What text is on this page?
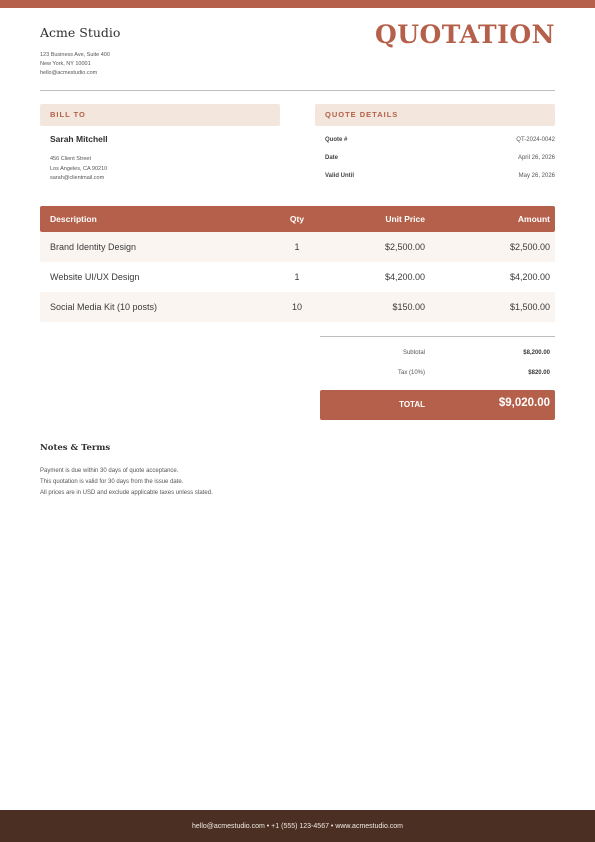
Acme Studio
123 Business Ave, Suite 400
New York, NY 10001
hello@acmestudio.com
QUOTATION
BILL TO	QUOTE DETAILS
Sarah Mitchell
456 Client Street
Los Angeles, CA 90210
sarah@clientmail.com
Quote #	QT-2024-0042
Date	April 26, 2026
Valid Until	May 26, 2026
Description	Qty	Unit Price	Amount
Brand Identity Design	1	$2,500.00	$2,500.00
Website UI/UX Design	1	$4,200.00	$4,200.00
Social Media Kit (10 posts)	10	$150.00	$1,500.00
Subtotal	$8,200.00
Tax (10%)	$820.00
TOTAL	$9,020.00
Notes & Terms
Payment is due within 30 days of quote acceptance.
This quotation is valid for 30 days from the issue date.
All prices are in USD and exclude applicable taxes unless stated.
hello@acmestudio.com • +1 (555) 123-4567 • www.acmestudio.com
